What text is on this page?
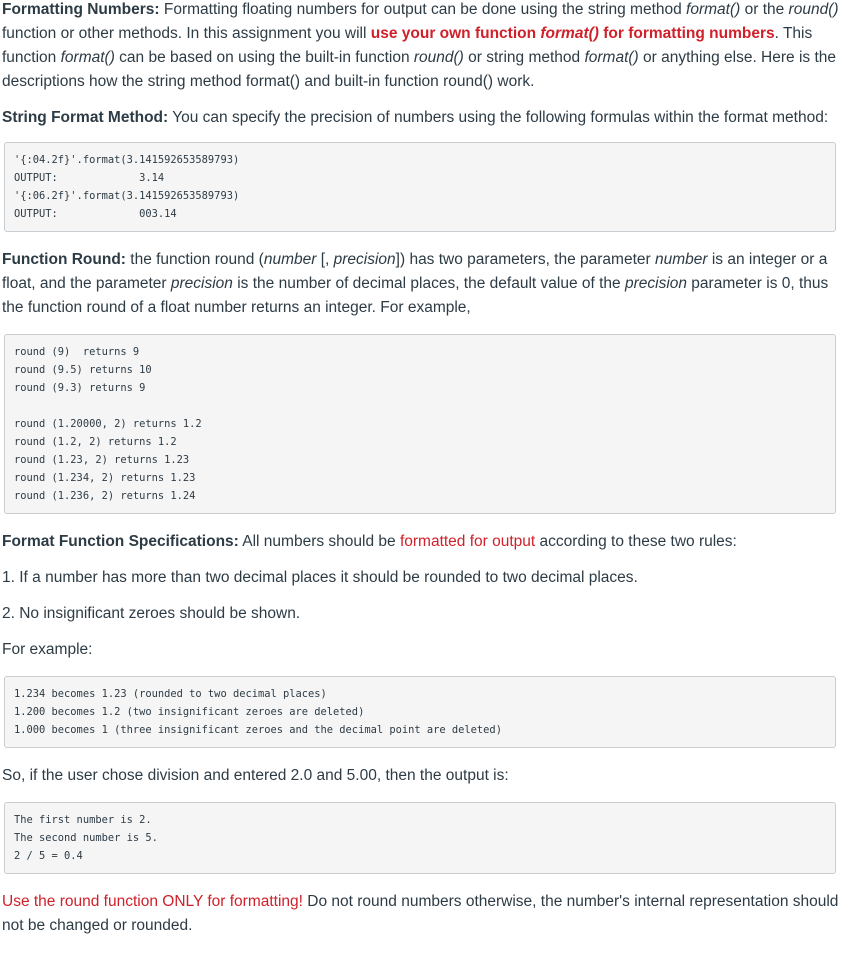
Formatting Numbers: Formatting floating numbers for output can be done using the string method format() or the round() function or other methods. In this assignment you will use your own function format() for formatting numbers. This function format() can be based on using the built-in function round() or string method format() or anything else. Here is the descriptions how the string method format() and built-in function round() work.

String Format Method: You can specify the precision of numbers using the following formulas within the format method:

'{:04.2f}'.format(3.141592653589793)
OUTPUT:             3.14
'{:06.2f}'.format(3.141592653589793)
OUTPUT:             003.14

Function Round: the function round (number [, precision]) has two parameters, the parameter number is an integer or a float, and the parameter precision is the number of decimal places, the default value of the precision parameter is 0, thus the function round of a float number returns an integer. For example,

round (9)  returns 9
round (9.5) returns 10
round (9.3) returns 9
round (1.20000, 2) returns 1.2
round (1.2, 2) returns 1.2
round (1.23, 2) returns 1.23
round (1.234, 2) returns 1.23
round (1.236, 2) returns 1.24

Format Function Specifications: All numbers should be formatted for output according to these two rules:

1. If a number has more than two decimal places it should be rounded to two decimal places.

2. No insignificant zeroes should be shown.

For example:

1.234 becomes 1.23 (rounded to two decimal places)
1.200 becomes 1.2 (two insignificant zeroes are deleted)
1.000 becomes 1 (three insignificant zeroes and the decimal point are deleted)

So, if the user chose division and entered 2.0 and 5.00, then the output is:

The first number is 2.
The second number is 5.
2 / 5 = 0.4

Use the round function ONLY for formatting! Do not round numbers otherwise, the number's internal representation should not be changed or rounded.
